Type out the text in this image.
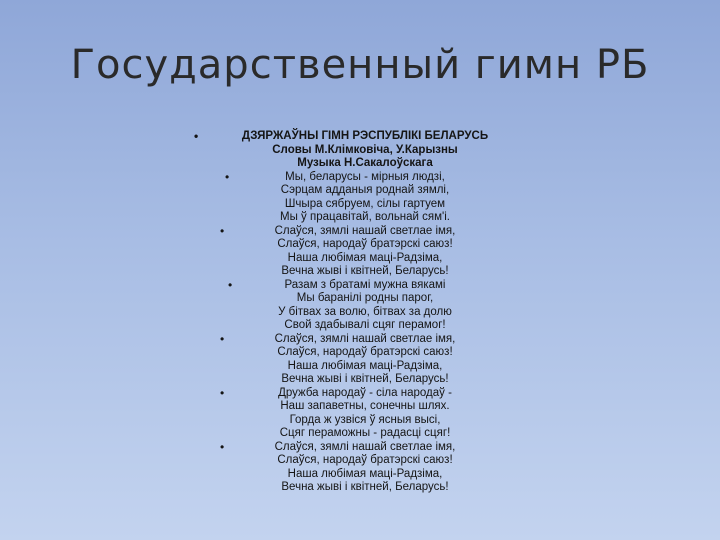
Государственный гимн РБ
•	ДЗЯРЖАЎНЫ ГІМН РЭСПУБЛІКІ БЕЛАРУСЬ
Словы М.Клімковіча, У.Карызны
Музыка Н.Сакалоўскага
•	Мы, беларусы - мірныя людзі,
Сэрцам адданыя роднай зямлі,
Шчыра сябруем, сілы гартуем
Мы ў працавітай, вольнай сям'і.
•	Слаўся, зямлі нашай светлае імя,
Слаўся, народаў братэрскі саюз!
Наша любімая маці-Радзіма,
Вечна жыві і квітней, Беларусь!
•	Разам з братамі мужна вякамі
Мы баранілі родны парог,
У бітвах за волю, бітвах за долю
Свой здабывалі сцяг перамог!
•	Слаўся, зямлі нашай светлае імя,
Слаўся, народаў братэрскі саюз!
Наша любімая маці-Радзіма,
Вечна жыві і квітней, Беларусь!
•	Дружба народаў - сіла народаў -
Наш запаветны, сонечны шлях.
Горда ж узвіся ў ясныя высі,
Сцяг пераможны - радасці сцяг!
•	Слаўся, зямлі нашай светлае імя,
Слаўся, народаў братэрскі саюз!
Наша любімая маці-Радзіма,
Вечна жыві і квітней, Беларусь!
